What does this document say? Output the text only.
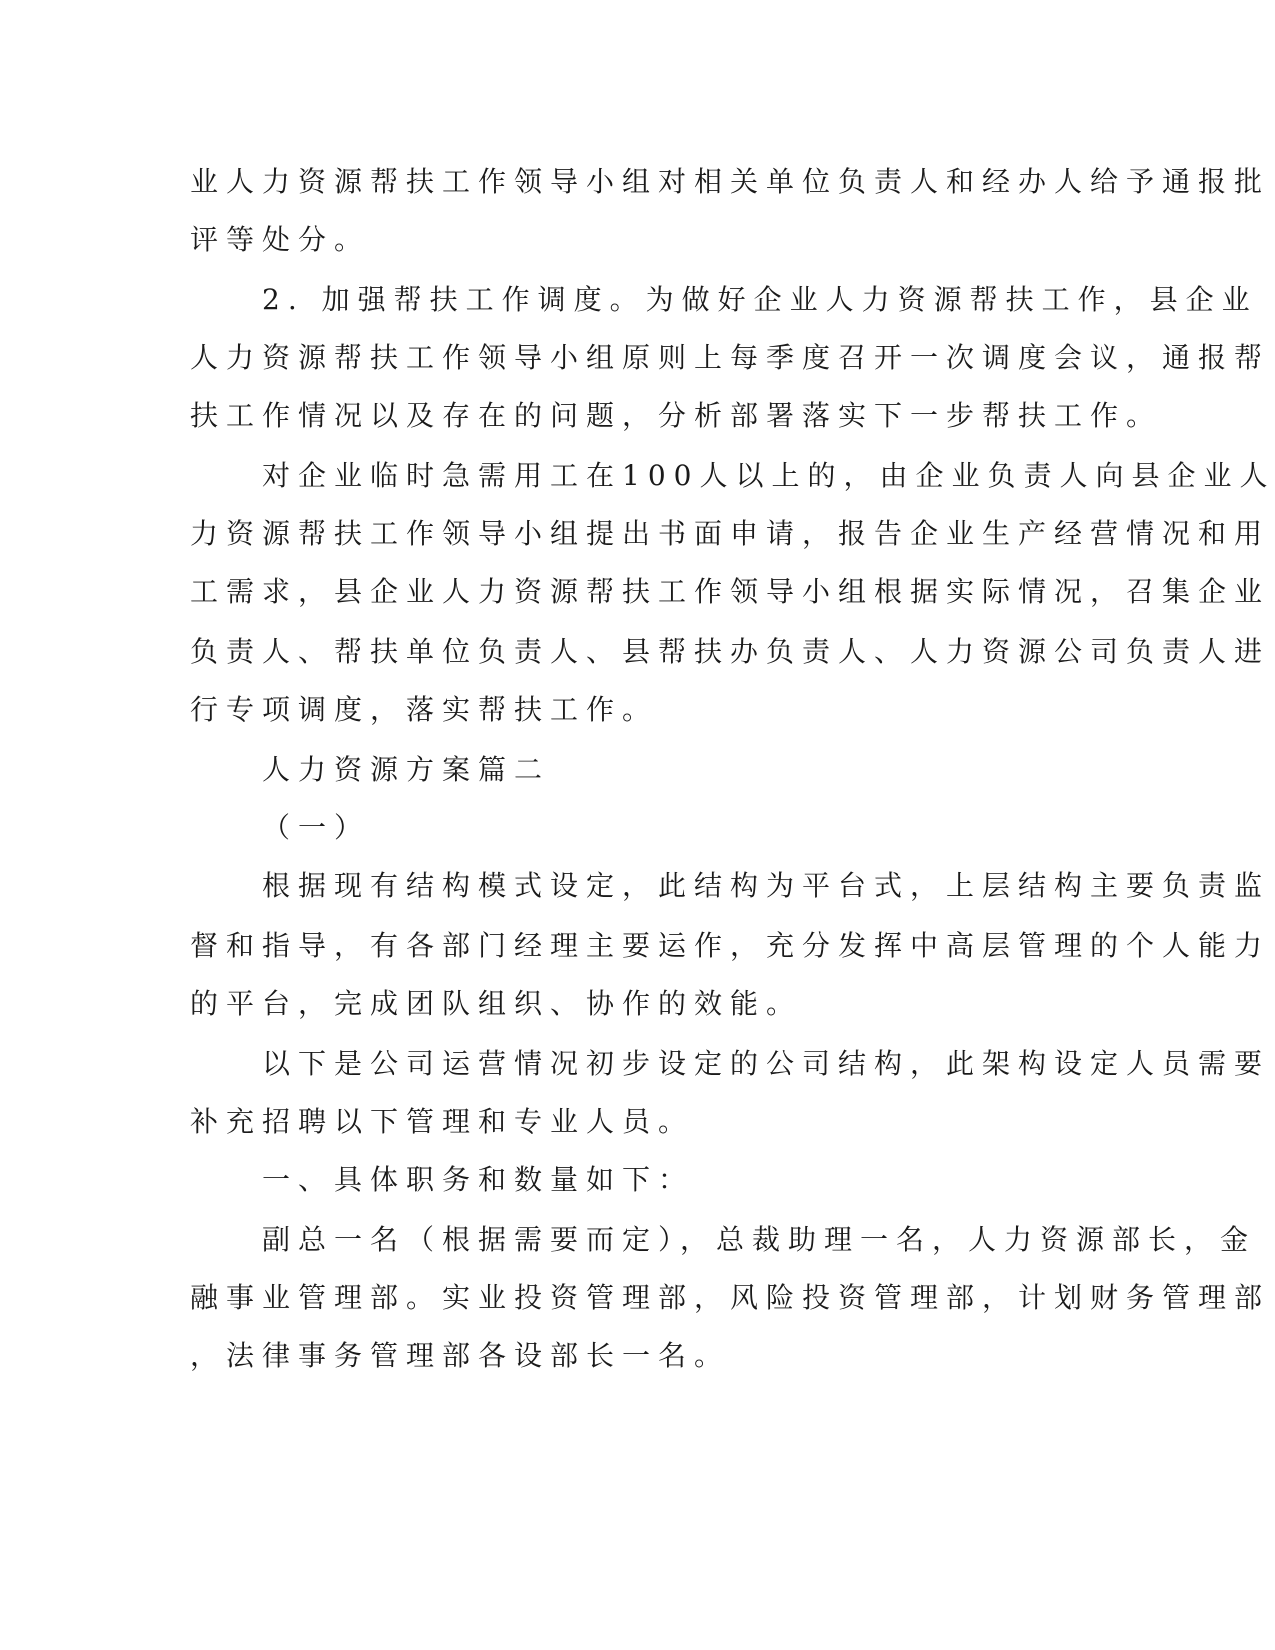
业人力资源帮扶工作领导小组对相关单位负责人和经办人给予通报批
评等处分。
2. 加强帮扶工作调度。为做好企业人力资源帮扶工作，县企业
人力资源帮扶工作领导小组原则上每季度召开一次调度会议，通报帮
扶工作情况以及存在的问题，分析部署落实下一步帮扶工作。
对企业临时急需用工在100人以上的，由企业负责人向县企业人
力资源帮扶工作领导小组提出书面申请，报告企业生产经营情况和用
工需求，县企业人力资源帮扶工作领导小组根据实际情况，召集企业
负责人、帮扶单位负责人、县帮扶办负责人、人力资源公司负责人进
行专项调度，落实帮扶工作。
人力资源方案篇二
（一）
根据现有结构模式设定，此结构为平台式，上层结构主要负责监
督和指导，有各部门经理主要运作，充分发挥中高层管理的个人能力
的平台，完成团队组织、协作的效能。
以下是公司运营情况初步设定的公司结构，此架构设定人员需要
补充招聘以下管理和专业人员。
一、具体职务和数量如下：
副总一名（根据需要而定），总裁助理一名，人力资源部长，金
融事业管理部。实业投资管理部，风险投资管理部，计划财务管理部
，法律事务管理部各设部长一名。
